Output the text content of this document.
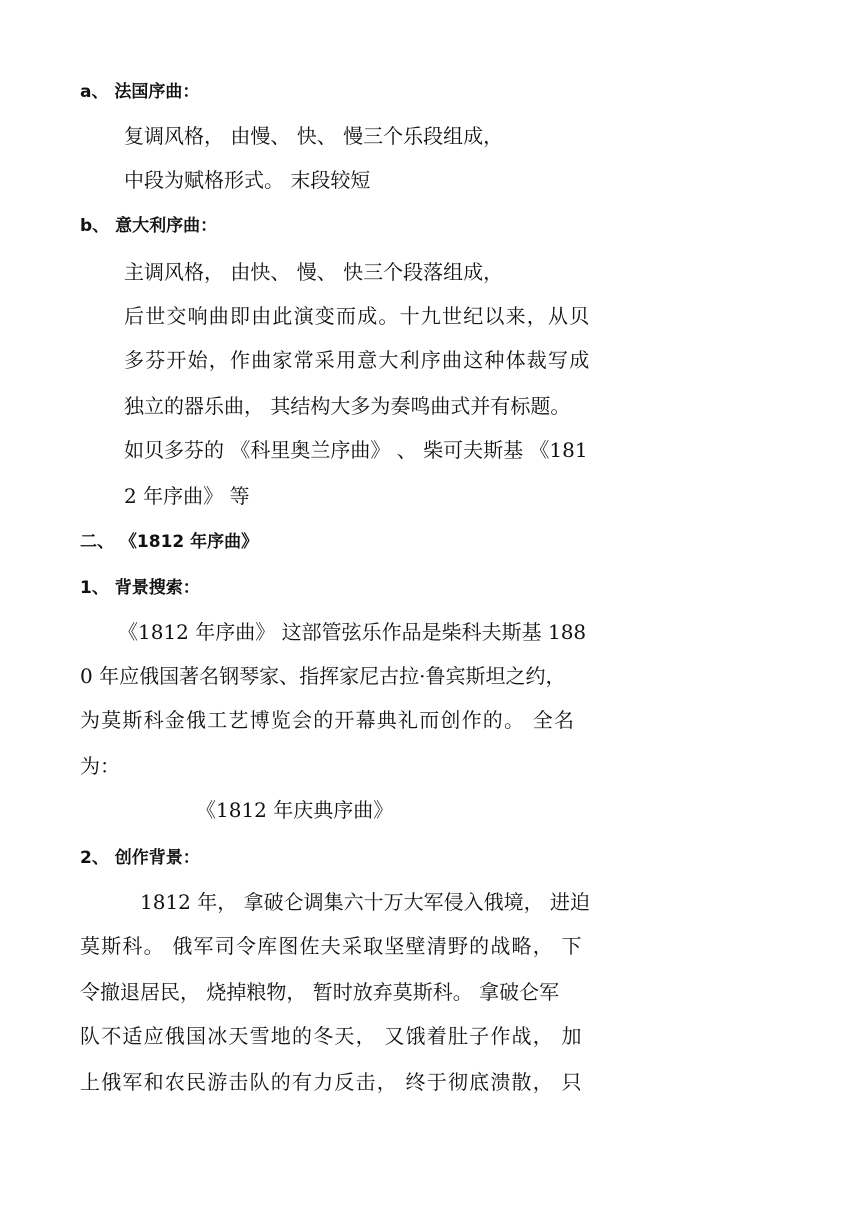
a、 法国序曲：
复调风格， 由慢、 快、 慢三个乐段组成，
中段为赋格形式。 末段较短
b、 意大利序曲：
主调风格， 由快、 慢、 快三个段落组成，
后世交响曲即由此演变而成。十九世纪以来，从贝
多芬开始，作曲家常采用意大利序曲这种体裁写成
独立的器乐曲， 其结构大多为奏鸣曲式并有标题。
如贝多芬的 《科里奥兰序曲》 、 柴可夫斯基 《181
2 年序曲》 等
二、 《1812 年序曲》
1、 背景搜索：
《1812 年序曲》 这部管弦乐作品是柴科夫斯基 188
0 年应俄国著名钢琴家、指挥家尼古拉·鲁宾斯坦之约，
为莫斯科金俄工艺博览会的开幕典礼而创作的。 全名
为：
《1812 年庆典序曲》
2、 创作背景：
1812 年， 拿破仑调集六十万大军侵入俄境， 进迫
莫斯科。 俄军司令库图佐夫采取坚壁清野的战略， 下
令撤退居民， 烧掉粮物， 暂时放弃莫斯科。 拿破仑军
队不适应俄国冰天雪地的冬天， 又饿着肚子作战， 加
上俄军和农民游击队的有力反击， 终于彻底溃散， 只
